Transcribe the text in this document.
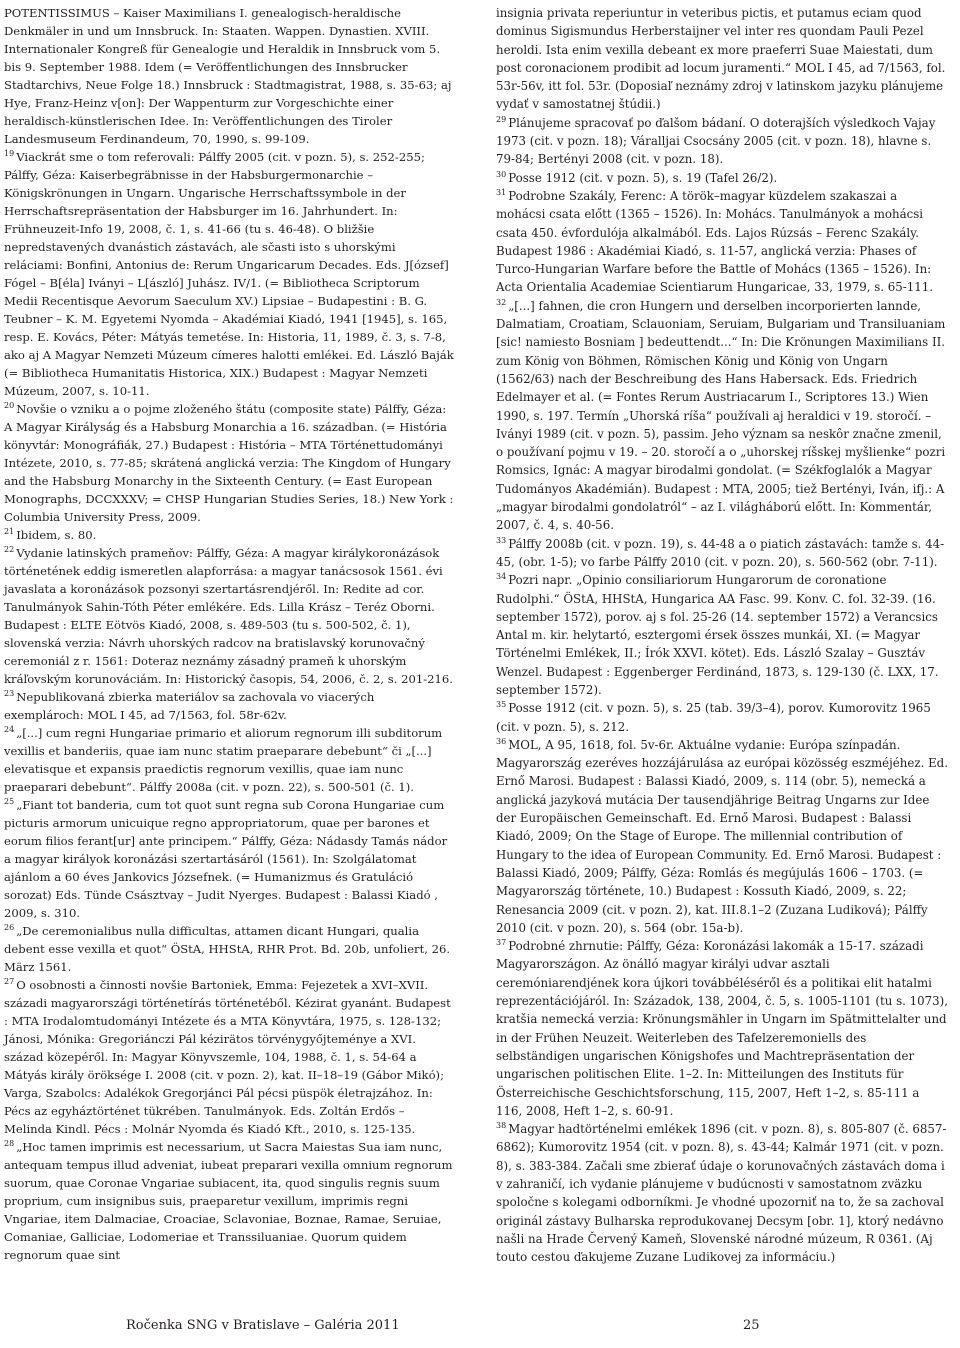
POTENTISSIMUS – Kaiser Maximilians I. genealogisch-heraldische Denkmäler in und um Innsbruck. In: Staaten. Wappen. Dynastien. XVIII. Internationaler Kongreß für Genealogie und Heraldik in Innsbruck vom 5. bis 9. September 1988. Idem (= Veröffentlichungen des Innsbrucker Stadtarchivs, Neue Folge 18.) Innsbruck : Stadtmagistrat, 1988, s. 35-63; aj Hye, Franz-Heinz v[on]: Der Wappenturm zur Vorgeschichte einer heraldisch-künstlerischen Idee. In: Veröffentlichungen des Tiroler Landesmuseum Ferdinandeum, 70, 1990, s. 99-109.

$^{19}$ Viackrát sme o tom referovali: Pálffy 2005 (cit. v pozn. 5), s. 252-255; Pálffy, Géza: Kaiserbegräbnisse in der Habsburgermonarchie – Königskrönungen in Ungarn. Ungarische Herrschaftssymbole in der Herrschaftsrepräsentation der Habsburger im 16. Jahrhundert. In: Frühneuzeit-Info 19, 2008, č. 1, s. 41-66 (tu s. 46-48). O bližšie nepredstavených dvanástich zástavách, ale sčasti isto s uhorskými reláciami: Bonfini, Antonius de: Rerum Ungaricarum Decades. Eds. J[ózsef] Fógel – B[éla] Iványi – L[ászló] Juhász. IV/1. (= Bibliotheca Scriptorum Medii Recentisque Aevorum Saeculum XV.) Lipsiae – Budapestini : B. G. Teubner – K. M. Egyetemi Nyomda – Akadémiai Kiadó, 1941 [1945], s. 165, resp. E. Kovács, Péter: Mátyás temetése. In: Historia, 11, 1989, č. 3, s. 7-8, ako aj A Magyar Nemzeti Múzeum címeres halotti emlékei. Ed. László Baják (= Bibliotheca Humanitatis Historica, XIX.) Budapest : Magyar Nemzeti Múzeum, 2007, s. 10-11.

$^{20}$ Novšie o vzniku a o pojme zloženého štátu (composite state) Pálffy, Géza: A Magyar Királyság és a Habsburg Monarchia a 16. században. (= História könyvtár: Monográfiák, 27.) Budapest : História – MTA Történettudományi Intézete, 2010, s. 77-85; skrátená anglická verzia: The Kingdom of Hungary and the Habsburg Monarchy in the Sixteenth Century. (= East European Monographs, DCCXXXV; = CHSP Hungarian Studies Series, 18.) New York : Columbia University Press, 2009.

$^{21}$ Ibidem, s. 80.

$^{22}$ Vydanie latinských prameňov: Pálffy, Géza: A magyar királykoronázások történetének eddig ismeretlen alapforrása: a magyar tanácsosok 1561. évi javaslata a koronázások pozsonyi szertartásrendjéről. In: Redite ad cor. Tanulmányok Sahin-Tóth Péter emlékére. Eds. Lilla Krász – Teréz Oborni. Budapest : ELTE Eötvös Kiadó, 2008, s. 489-503 (tu s. 500-502, č. 1), slovenská verzia: Návrh uhorských radcov na bratislavský korunovačný ceremoniál z r. 1561: Doteraz neznámy zásadný prameň k uhorským kráľovským korunováciám. In: Historický časopis, 54, 2006, č. 2, s. 201-216.

$^{23}$ Nepublikovaná zbierka materiálov sa zachovala vo viacerých exemplároch: MOL I 45, ad 7/1563, fol. 58r-62v.

$^{24}$ „[...] cum regni Hungariae primario et aliorum regnorum illi subditorum vexillis et banderiis, quae iam nunc statim praeparare debebunt“ či „[...] elevatisque et expansis praedictis regnorum vexillis, quae iam nunc praeparari debebunt“. Pálffy 2008a (cit. v pozn. 22), s. 500-501 (č. 1).

$^{25}$ „Fiant tot banderia, cum tot quot sunt regna sub Corona Hungariae cum picturis armorum unicuique regno appropriatorum, quae per barones et eorum filios ferant[ur] ante principem.“ Pálffy, Géza: Nádasdy Tamás nádor a magyar királyok koronázási szertartásáról (1561). In: Szolgálatomat ajánlom a 60 éves Jankovics Józsefnek. (= Humanizmus és Gratuláció sorozat) Eds. Tünde Császtvay – Judit Nyerges. Budapest : Balassi Kiadó , 2009, s. 310.

$^{26}$ „De ceremonialibus nulla difficultas, attamen dicant Hungari, qualia debent esse vexilla et quot“ ÖStA, HHStA, RHR Prot. Bd. 20b, unfoliert, 26. März 1561.

$^{27}$ O osobnosti a činnosti novšie Bartoniek, Emma: Fejezetek a XVI–XVII. századi magyarországi történetírás történetéből. Kézirat gyanánt. Budapest : MTA Irodalomtudományi Intézete és a MTA Könyvtára, 1975, s. 128-132; Jánosi, Mónika: Gregoriánczi Pál kézirätos törvénygyőjteménye a XVI. század közepéről. In: Magyar Könyvszemle, 104, 1988, č. 1, s. 54-64 a Mátyás király öröksége I. 2008 (cit. v pozn. 2), kat. II–18–19 (Gábor Mikó); Varga, Szabolcs: Adalékok Gregorjánci Pál pécsi püspök életrajzához. In: Pécs az egyháztörténet tükrében. Tanulmányok. Eds. Zoltán Erdős – Melinda Kindl. Pécs : Molnár Nyomda és Kiadó Kft., 2010, s. 125-135.

$^{28}$ „Hoc tamen imprimis est necessarium, ut Sacra Maiestas Sua iam nunc, antequam tempus illud adveniat, iubeat preparari vexilla omnium regnorum suorum, quae Coronae Vngariae subiacent, ita, quod singulis regnis suum proprium, cum insignibus suis, praeparetur vexillum, imprimis regni Vngariae, item Dalmaciae, Croaciae, Sclavoniae, Boznae, Ramae, Seruiae, Comaniae, Galliciae, Lodomeriae et Transsiluaniae. Quorum quidem regnorum quae sint

insignia privata reperiuntur in veteribus pictis, et putamus eciam quod dominus Sigismundus Herberstaijner vel inter res quondam Pauli Pezel heroldi. Ista enim vexilla debeant ex more praeferri Suae Maiestati, dum post coronacionem prodibit ad locum juramenti.“ MOL I 45, ad 7/1563, fol. 53r-56v, itt fol. 53r. (Doposiaľ neznámy zdroj v latinskom jazyku plánujeme vydať v samostatnej štúdii.)

$^{29}$ Plánujeme spracovať po ďalšom bádaní. O doterajších výsledkoch Vajay 1973 (cit. v pozn. 18); Váralljai Csocsány 2005 (cit. v pozn. 18), hlavne s. 79-84; Bertényi 2008 (cit. v pozn. 18).

$^{30}$ Posse 1912 (cit. v pozn. 5), s. 19 (Tafel 26/2).

$^{31}$ Podrobne Szakály, Ferenc: A török–magyar küzdelem szakaszai a mohácsi csata előtt (1365 – 1526). In: Mohács. Tanulmányok a mohácsi csata 450. évfordulója alkalmából. Eds. Lajos Rúzsás – Ferenc Szakály. Budapest 1986 : Akadémiai Kiadó, s. 11-57, anglická verzia: Phases of Turco-Hungarian Warfare before the Battle of Mohács (1365 – 1526). In: Acta Orientalia Academiae Scientiarum Hungaricae, 33, 1979, s. 65-111.

$^{32}$ „[...] fahnen, die cron Hungern und derselben incorporierten lannde, Dalmatiam, Croatiam, Sclauoniam, Seruiam, Bulgariam und Transiluaniam [sic! namiesto Bosniam ] bedeuttendt...“ In: Die Krönungen Maximilians II. zum König von Böhmen, Römischen König und König von Ungarn (1562/63) nach der Beschreibung des Hans Habersack. Eds. Friedrich Edelmayer et al. (= Fontes Rerum Austriacarum I., Scriptores 13.) Wien 1990, s. 197. Termín „Uhorská ríša“ používali aj heraldici v 19. storočí. – Iványi 1989 (cit. v pozn. 5), passim. Jeho význam sa neskôr značne zmenil, o používaní pojmu v 19. – 20. storočí a o „uhorskej ríšskej myšlienke“ pozri Romsics, Ignác: A magyar birodalmi gondolat. (= Székfoglalók a Magyar Tudományos Akadémián). Budapest : MTA, 2005; tiež Bertényi, Iván, ifj.: A „magyar birodalmi gondolatról“ – az I. világháború előtt. In: Kommentár, 2007, č. 4, s. 40-56.

$^{33}$ Pálffy 2008b (cit. v pozn. 19), s. 44-48 a o piatich zástavách: tamže s. 44-45, (obr. 1-5); vo farbe Pálffy 2010 (cit. v pozn. 20), s. 560-562 (obr. 7-11).

$^{34}$ Pozri napr. „Opinio consiliariorum Hungarorum de coronatione Rudolphi.“ ÖStA, HHStA, Hungarica AA Fasc. 99. Konv. C. fol. 32-39. (16. september 1572), porov. aj s fol. 25-26 (14. september 1572) a Verancsics Antal m. kir. helytartó, esztergomi érsek összes munkái, XI. (= Magyar Történelmi Emlékek, II.; Írók XXVI. kötet). Eds. László Szalay – Gusztáv Wenzel. Budapest : Eggenberger Ferdinánd, 1873, s. 129-130 (č. LXX, 17. september 1572).

$^{35}$ Posse 1912 (cit. v pozn. 5), s. 25 (tab. 39/3–4), porov. Kumorovitz 1965 (cit. v pozn. 5), s. 212.

$^{36}$ MOL, A 95, 1618, fol. 5v-6r. Aktuálne vydanie: Európa színpadán. Magyarország ezeréves hozzájárulása az európai közösség eszméjéhez. Ed. Ernő Marosi. Budapest : Balassi Kiadó, 2009, s. 114 (obr. 5), nemecká a anglická jazyková mutácia Der tausendjährige Beitrag Ungarns zur Idee der Europäischen Gemeinschaft. Ed. Ernő Marosi. Budapest : Balassi Kiadó, 2009; On the Stage of Europe. The millennial contribution of Hungary to the idea of European Community. Ed. Ernő Marosi. Budapest : Balassi Kiadó, 2009; Pálffy, Géza: Romlás és megújulás 1606 – 1703. (= Magyarország története, 10.) Budapest : Kossuth Kiadó, 2009, s. 22; Renesancia 2009 (cit. v pozn. 2), kat. III.8.1–2 (Zuzana Ludiková); Pálffy 2010 (cit. v pozn. 20), s. 564 (obr. 15a-b).

$^{37}$ Podrobné zhrnutie: Pálffy, Géza: Koronázási lakomák a 15-17. századi Magyarországon. Az önálló magyar királyi udvar asztali ceremóniarendjének kora újkori továbbéléséről és a politikai elit hatalmi reprezentációjáról. In: Századok, 138, 2004, č. 5, s. 1005-1101 (tu s. 1073), kratšia nemecká verzia: Krönungsmähler in Ungarn im Spätmittelalter und in der Frühen Neuzeit. Weiterleben des Tafelzeremoniells des selbständigen ungarischen Königshofes und Machtrepräsentation der ungarischen politischen Elite. 1–2. In: Mitteilungen des Instituts für Österreichische Geschichtsforschung, 115, 2007, Heft 1–2, s. 85-111 a 116, 2008, Heft 1–2, s. 60-91.

$^{38}$ Magyar hadtörténelmi emlékek 1896 (cit. v pozn. 8), s. 805-807 (č. 6857-6862); Kumorovitz 1954 (cit. v pozn. 8), s. 43-44; Kalmár 1971 (cit. v pozn. 8), s. 383-384. Začali sme zbierať údaje o korunovačných zástavách doma i v zahraničí, ich vydanie plánujeme v budúcnosti v samostatnom zväzku spoločne s kolegami odborníkmi. Je vhodné upozorniť na to, že sa zachoval originál zástavy Bulharska reprodukovanej Decsym [obr. 1], ktorý nedávno našli na Hrade Červený Kameň, Slovenské národné múzeum, R 0361. (Aj touto cestou ďakujeme Zuzane Ludikovej za informáciu.)

Ročenka SNG v Bratislave – Galéria 2011	25
